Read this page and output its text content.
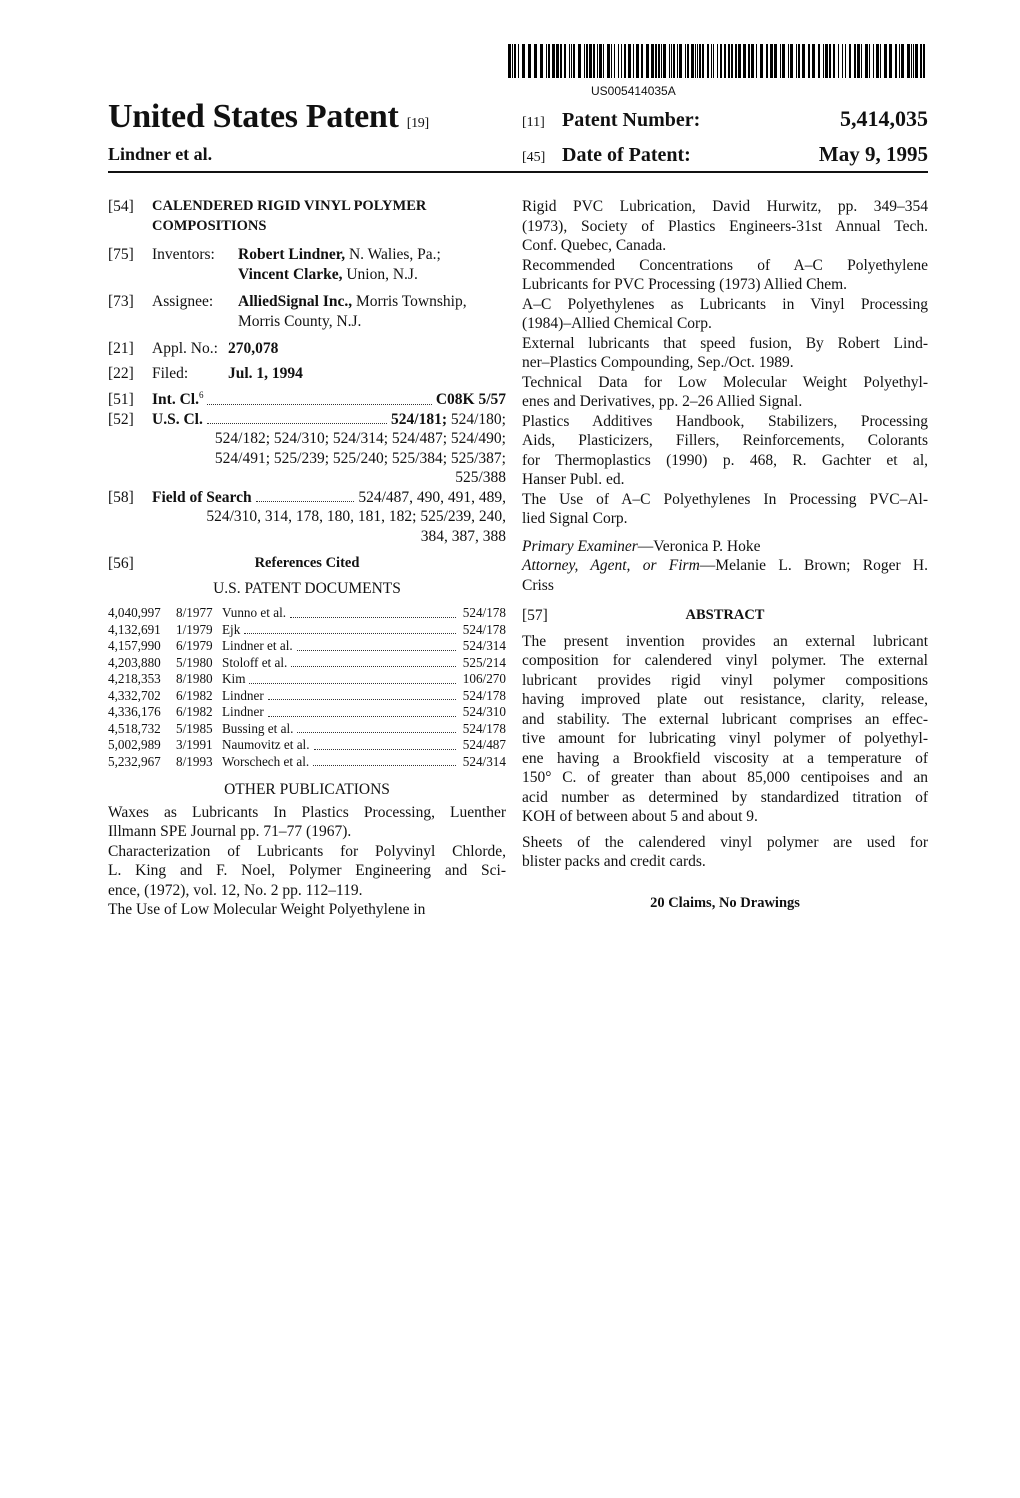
US005414035A
United States Patent [19]
Lindner et al.
[11] Patent Number:	5,414,035
[45] Date of Patent:	May 9, 1995
[54]	CALENDERED RIGID VINYL POLYMER
COMPOSITIONS
[75]	Inventors:	Robert Lindner, N. Walies, Pa.;
Vincent Clarke, Union, N.J.
[73]	Assignee:	AlliedSignal Inc., Morris Township,
Morris County, N.J.
[21]	Appl. No.: 270,078
[22]	Filed:	Jul. 1, 1994
[51]	Int. Cl.$^6$	C08K 5/57
[52]	U.S. Cl.	524/181; 524/180;
524/182; 524/310; 524/314; 524/487; 524/490;
524/491; 525/239; 525/240; 525/384; 525/387;
525/388
[58]	Field of Search	524/487, 490, 491, 489,
524/310, 314, 178, 180, 181, 182; 525/239, 240,
384, 387, 388
[56]	References Cited
U.S. PATENT DOCUMENTS
4,040,997	8/1977 Vunno et al.	524/178
4,132,691	1/1979 Ejk	524/178
4,157,990	6/1979 Lindner et al.	524/314
4,203,880	5/1980 Stoloff et al.	525/214
4,218,353	8/1980 Kim	106/270
4,332,702	6/1982 Lindner	524/178
4,336,176	6/1982 Lindner	524/310
4,518,732	5/1985 Bussing et al.	524/178
5,002,989	3/1991 Naumovitz et al.	524/487
5,232,967	8/1993 Worschech et al.	524/314
OTHER PUBLICATIONS
Waxes as Lubricants In Plastics Processing, Luenther
Illmann SPE Journal pp. 71–77 (1967).
Characterization of Lubricants for Polyvinyl Chlorde,
L. King and F. Noel, Polymer Engineering and Sci-
ence, (1972), vol. 12, No. 2 pp. 112–119.
The Use of Low Molecular Weight Polyethylene in
Rigid PVC Lubrication, David Hurwitz, pp. 349–354
(1973), Society of Plastics Engineers-31st Annual Tech.
Conf. Quebec, Canada.
Recommended Concentrations of A–C Polyethylene
Lubricants for PVC Processing (1973) Allied Chem.
A–C Polyethylenes as Lubricants in Vinyl Processing
(1984)–Allied Chemical Corp.
External lubricants that speed fusion, By Robert Lind-
ner–Plastics Compounding, Sep./Oct. 1989.
Technical Data for Low Molecular Weight Polyethyl-
enes and Derivatives, pp. 2–26 Allied Signal.
Plastics Additives Handbook, Stabilizers, Processing
Aids, Plasticizers, Fillers, Reinforcements, Colorants
for Thermoplastics (1990) p. 468, R. Gachter et al,
Hanser Publ. ed.
The Use of A–C Polyethylenes In Processing PVC–Al-
lied Signal Corp.
Primary Examiner—Veronica P. Hoke
Attorney, Agent, or Firm—Melanie L. Brown; Roger H.
Criss
[57]	ABSTRACT
The present invention provides an external lubricant
composition for calendered vinyl polymer. The external
lubricant provides rigid vinyl polymer compositions
having improved plate out resistance, clarity, release,
and stability. The external lubricant comprises an effec-
tive amount for lubricating vinyl polymer of polyethyl-
ene having a Brookfield viscosity at a temperature of
150° C. of greater than about 85,000 centipoises and an
acid number as determined by standardized titration of
KOH of between about 5 and about 9.
Sheets of the calendered vinyl polymer are used for
blister packs and credit cards.
20 Claims, No Drawings
